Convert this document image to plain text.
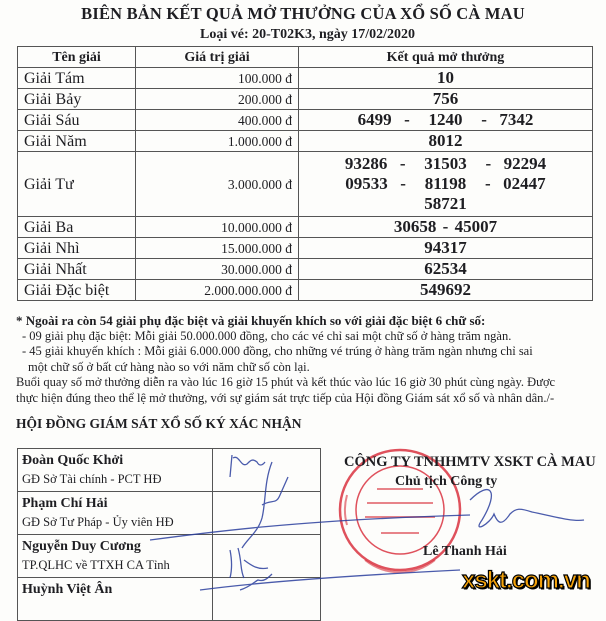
BIÊN BẢN KẾT QUẢ MỞ THƯỞNG CỦA XỔ SỐ CÀ MAU
Loại vé: 20-T02K3, ngày 17/02/2020
Tên giải	Giá trị giải	Kết quả mở thưởng
Giải Tám	100.000 đ	10

Giải Bảy	200.000 đ	756

Giải Sáu	400.000 đ	6499  -   1240   -  7342

Giải Năm	1.000.000 đ	8012

Giải Tư	3.000.000 đ	93286  -   31503   -  92294
09533  -   81198   -  02447
58721

Giải Ba	10.000.000 đ	30658 - 45007

Giải Nhì	15.000.000 đ	94317

Giải Nhất	30.000.000 đ	62534

Giải Đặc biệt	2.000.000.000 đ	549692
* Ngoài ra còn 54 giải phụ đặc biệt và giải khuyến khích so với giải đặc biệt 6 chữ số:
- 09 giải phụ đặc biệt: Mỗi giải 50.000.000 đồng, cho các vé chỉ sai một chữ số ở hàng trăm ngàn.
- 45 giải khuyến khích : Mỗi giải 6.000.000 đồng, cho những vé trúng ở hàng trăm ngàn nhưng chỉ sai
một chữ số ở bất cứ hàng nào so với năm chữ số còn lại.
Buổi quay số mở thưởng diễn ra vào lúc 16 giờ 15 phút và kết thúc vào lúc 16 giờ 30 phút cùng ngày. Được
thực hiện đúng theo thể lệ mở thưởng, với sự giám sát trực tiếp của Hội đồng Giám sát xổ số và nhân dân./-
HỘI ĐỒNG GIÁM SÁT XỔ SỐ KÝ XÁC NHẬN
Đoàn Quốc Khởi
GĐ Sở Tài chính - PCT HĐ	

Phạm Chí Hải
GĐ Sở Tư Pháp - Ủy viên HĐ	

Nguyễn Duy Cương
TP.QLHC về TTXH CA Tỉnh	

Huỳnh Việt Ân	

CÔNG TY TNHHMTV XSKT CÀ MAU
Chủ tịch Công ty
Lê Thanh Hải
xskt.com.vn
